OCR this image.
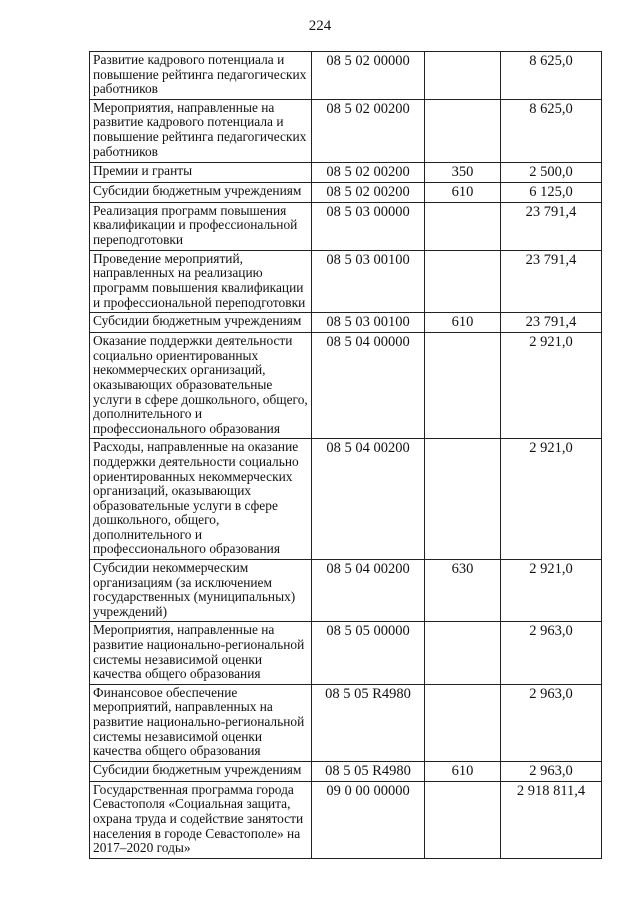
224
Развитие кадрового потенциала и повышение рейтинга педагогических работников	08 5 02 00000		8 625,0
Мероприятия, направленные на развитие кадрового потенциала и повышение рейтинга педагогических работников	08 5 02 00200		8 625,0
Премии и гранты	08 5 02 00200	350	2 500,0
Субсидии бюджетным учреждениям	08 5 02 00200	610	6 125,0
Реализация программ повышения квалификации и профессиональной переподготовки	08 5 03 00000		23 791,4
Проведение мероприятий, направленных на реализацию программ повышения квалификации и профессиональной переподготовки	08 5 03 00100		23 791,4
Субсидии бюджетным учреждениям	08 5 03 00100	610	23 791,4
Оказание поддержки деятельности социально ориентированных некоммерческих организаций, оказывающих образовательные услуги в сфере дошкольного, общего, дополнительного и профессионального образования	08 5 04 00000		2 921,0
Расходы, направленные на оказание поддержки деятельности социально ориентированных некоммерческих организаций, оказывающих образовательные услуги в сфере дошкольного, общего, дополнительного и профессионального образования	08 5 04 00200		2 921,0
Субсидии некоммерческим организациям (за исключением государственных (муниципальных) учреждений)	08 5 04 00200	630	2 921,0
Мероприятия, направленные на развитие национально-региональной системы независимой оценки качества общего образования	08 5 05 00000		2 963,0
Финансовое обеспечение мероприятий, направленных на развитие национально-региональной системы независимой оценки качества общего образования	08 5 05 R4980		2 963,0
Субсидии бюджетным учреждениям	08 5 05 R4980	610	2 963,0
Государственная программа города Севастополя «Социальная защита, охрана труда и содействие занятости населения в городе Севастополе» на 2017–2020 годы»	09 0 00 00000		2 918 811,4
